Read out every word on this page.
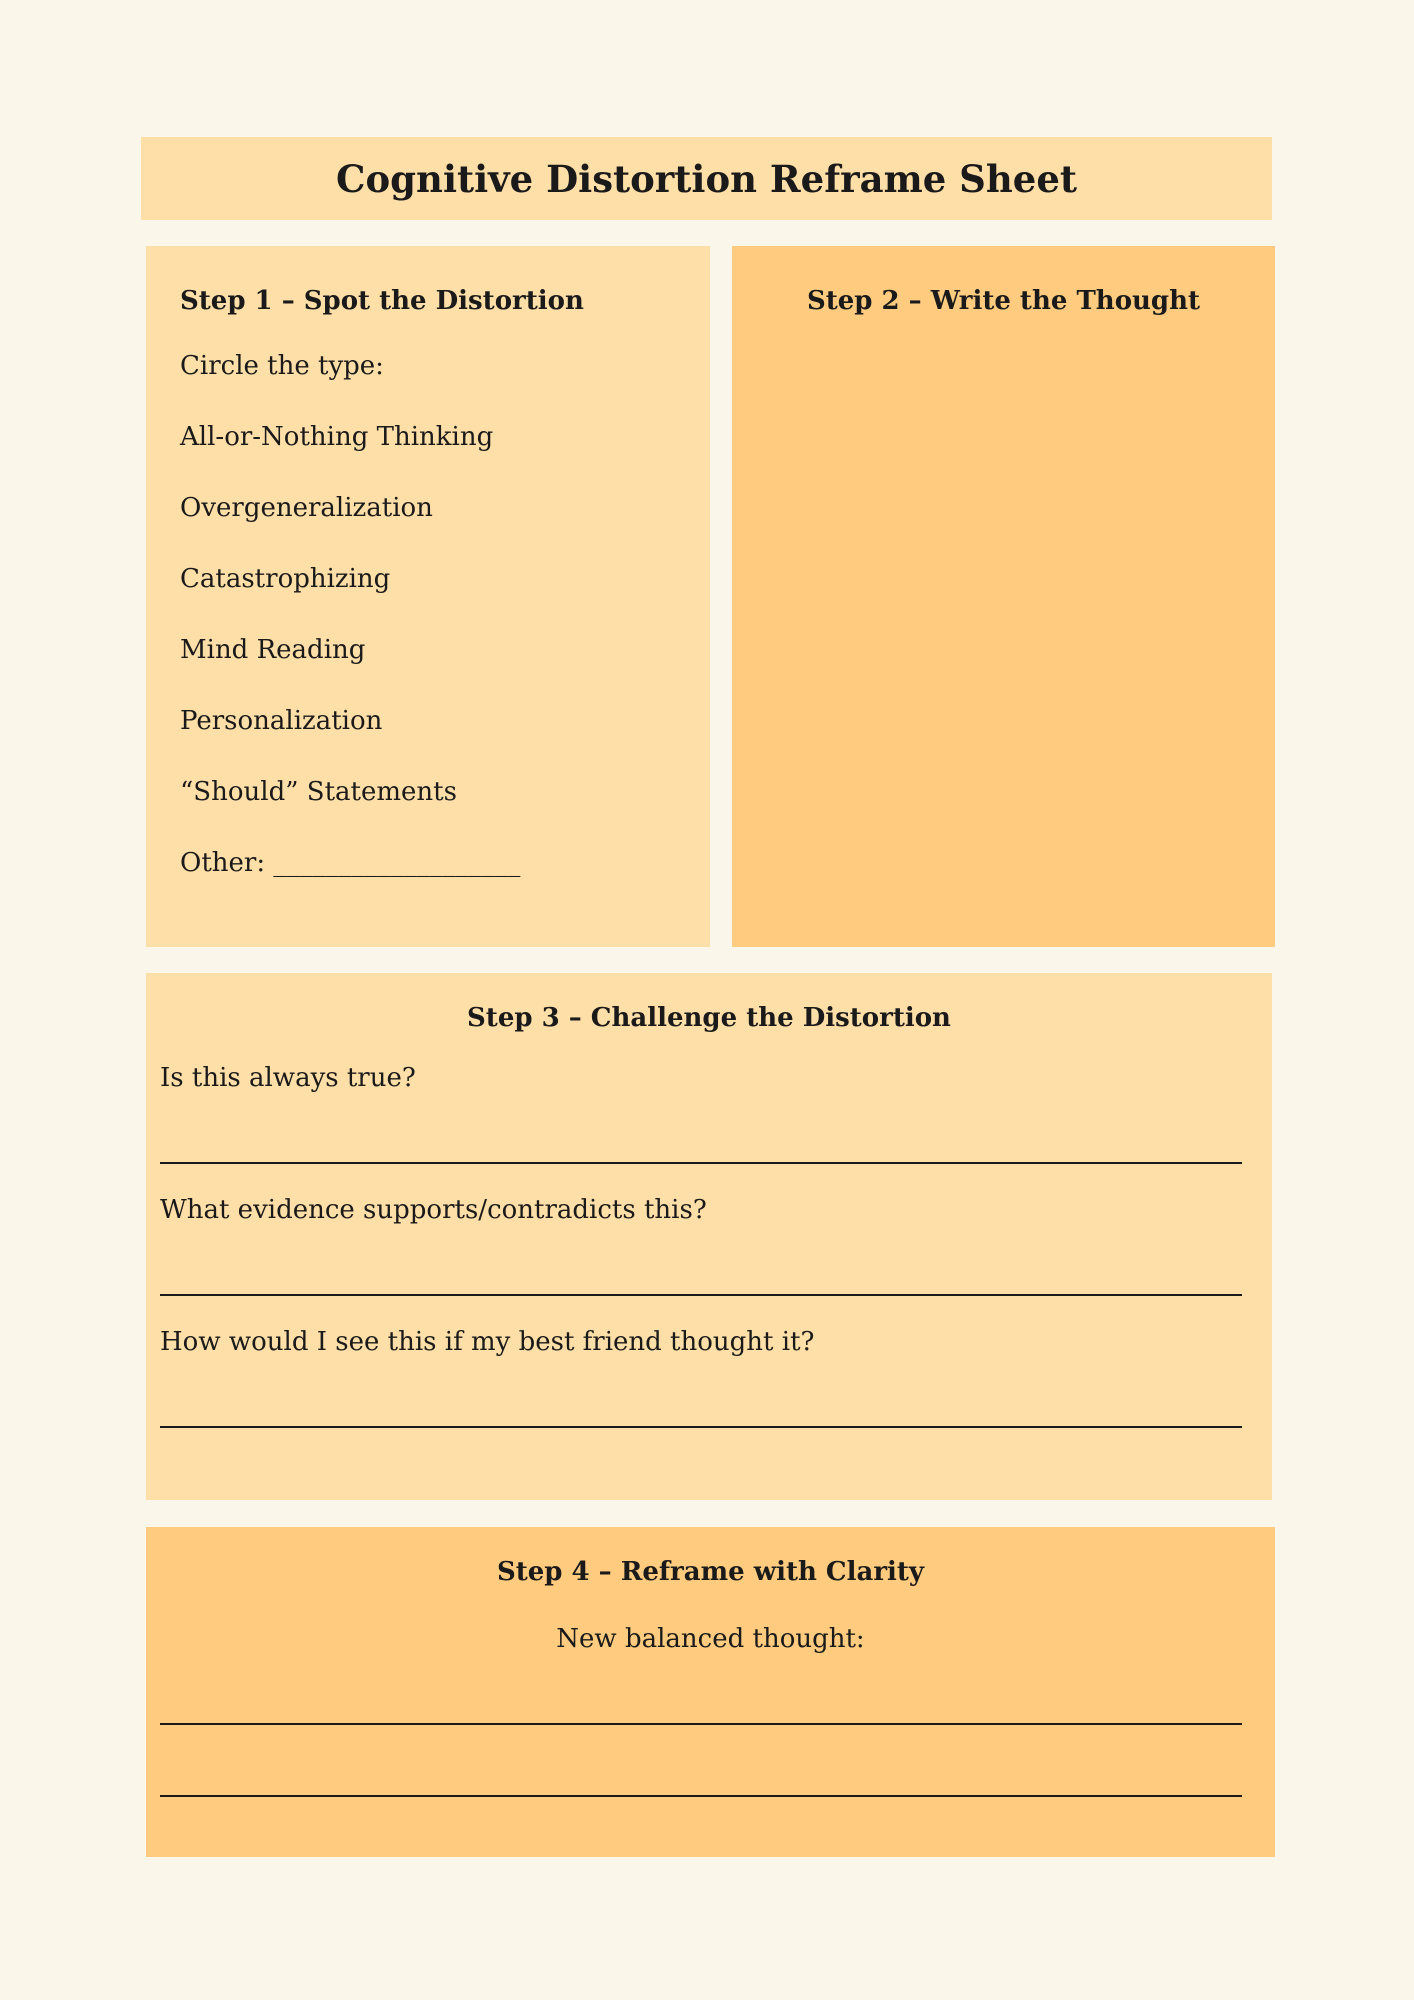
Cognitive Distortion Reframe Sheet
Step 1 – Spot the Distortion

Circle the type:

All-or-Nothing Thinking

Overgeneralization

Catastrophizing

Mind Reading

Personalization

“Should” Statements

Other: ___________________

Step 2 – Write the Thought
Step 3 – Challenge the Distortion

Is this always true?

What evidence supports/contradicts this?

How would I see this if my best friend thought it?

Step 4 – Reframe with Clarity

New balanced thought:
